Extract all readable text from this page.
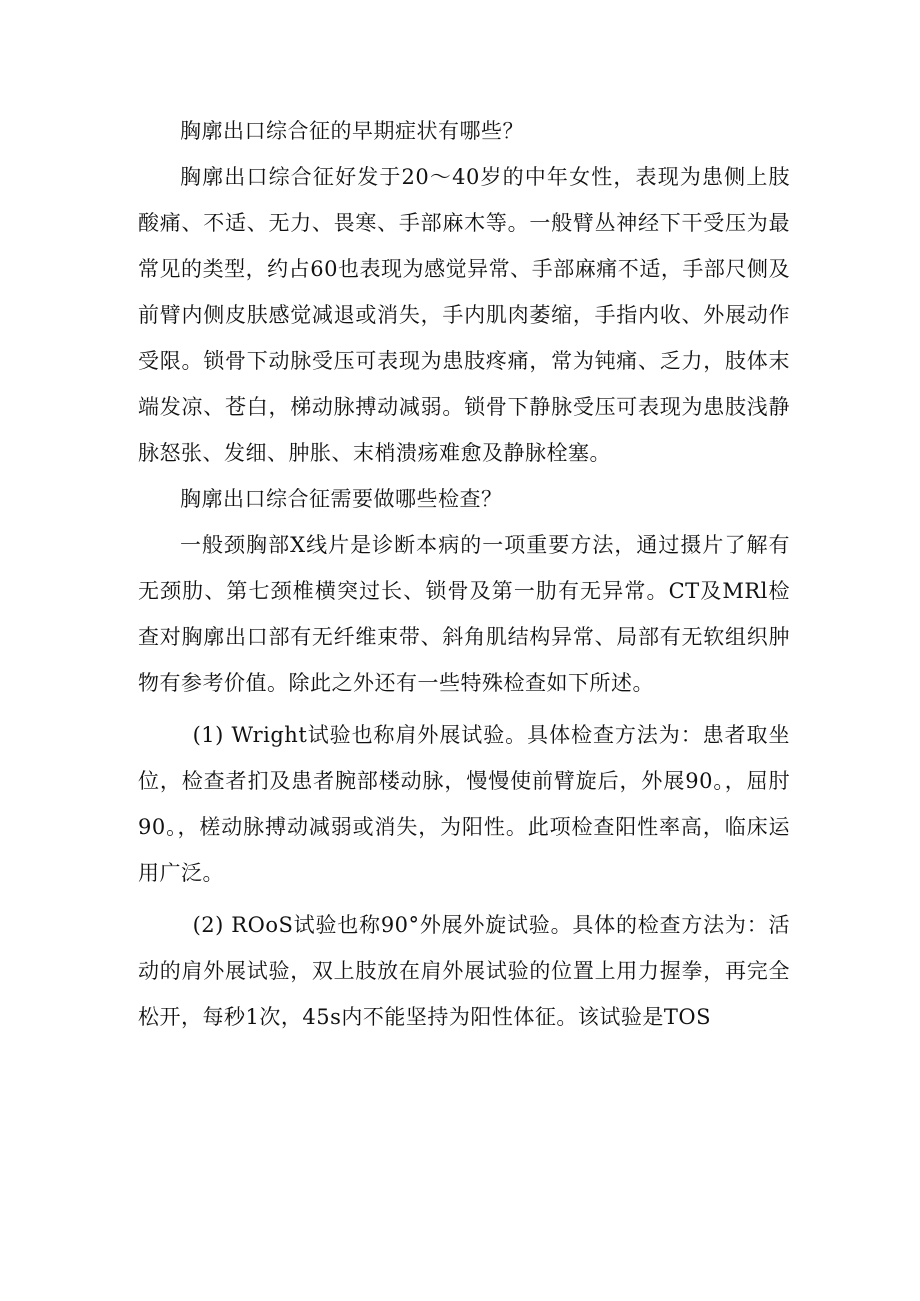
胸廓出口综合征的早期症状有哪些？

胸廓出口综合征好发于20～40岁的中年女性，表现为患侧上肢酸痛、不适、无力、畏寒、手部麻木等。一般臂丛神经下干受压为最常见的类型，约占60也表现为感觉异常、手部麻痛不适，手部尺侧及前臂内侧皮肤感觉减退或消失，手内肌肉萎缩，手指内收、外展动作受限。锁骨下动脉受压可表现为患肢疼痛，常为钝痛、乏力，肢体末端发凉、苍白，梯动脉搏动减弱。锁骨下静脉受压可表现为患肢浅静脉怒张、发细、肿胀、末梢溃疡难愈及静脉栓塞。

胸廓出口综合征需要做哪些检查？

一般颈胸部X线片是诊断本病的一项重要方法，通过摄片了解有无颈肋、第七颈椎横突过长、锁骨及第一肋有无异常。CT及MRl检查对胸廓出口部有无纤维束带、斜角肌结构异常、局部有无软组织肿物有参考价值。除此之外还有一些特殊检查如下所述。

(1) Wright试验也称肩外展试验。具体检查方法为：患者取坐位，检查者扪及患者腕部楼动脉，慢慢使前臂旋后，外展90。，屈肘90。，槎动脉搏动减弱或消失，为阳性。此项检查阳性率高，临床运用广泛。

(2) ROoS试验也称90°外展外旋试验。具体的检查方法为：活动的肩外展试验，双上肢放在肩外展试验的位置上用力握拳，再完全松开，每秒1次，45s内不能坚持为阳性体征。该试验是TOS
